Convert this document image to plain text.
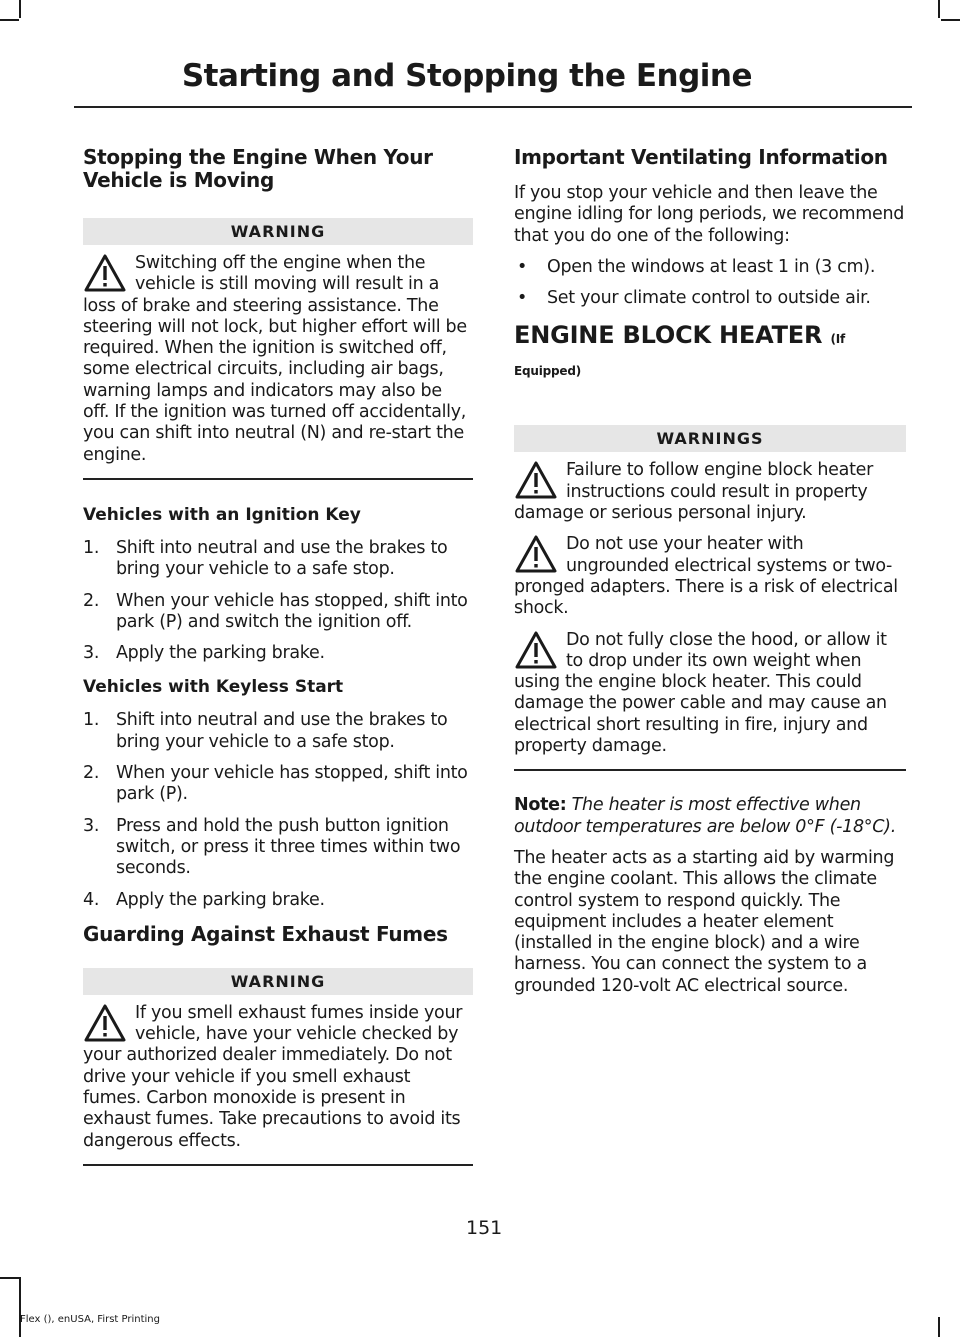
Starting and Stopping the Engine
Stopping the Engine When Your Vehicle is Moving
WARNING
Switching off the engine when the vehicle is still moving will result in a loss of brake and steering assistance. The steering will not lock, but higher effort will be required. When the ignition is switched off, some electrical circuits, including air bags, warning lamps and indicators may also be off. If the ignition was turned off accidentally, you can shift into neutral (N) and re-start the engine.
Vehicles with an Ignition Key
1. Shift into neutral and use the brakes to bring your vehicle to a safe stop.
2. When your vehicle has stopped, shift into park (P) and switch the ignition off.
3. Apply the parking brake.
Vehicles with Keyless Start
1. Shift into neutral and use the brakes to bring your vehicle to a safe stop.
2. When your vehicle has stopped, shift into park (P).
3. Press and hold the push button ignition switch, or press it three times within two seconds.
4. Apply the parking brake.
Guarding Against Exhaust Fumes
WARNING
If you smell exhaust fumes inside your vehicle, have your vehicle checked by your authorized dealer immediately. Do not drive your vehicle if you smell exhaust fumes. Carbon monoxide is present in exhaust fumes. Take precautions to avoid its dangerous effects.
Important Ventilating Information

If you stop your vehicle and then leave the engine idling for long periods, we recommend that you do one of the following:

• Open the windows at least 1 in (3 cm).
• Set your climate control to outside air.
ENGINE BLOCK HEATER (If Equipped)
WARNINGS
Failure to follow engine block heater instructions could result in property damage or serious personal injury.
Do not use your heater with ungrounded electrical systems or two-pronged adapters. There is a risk of electrical shock.
Do not fully close the hood, or allow it to drop under its own weight when using the engine block heater. This could damage the power cable and may cause an electrical short resulting in fire, injury and property damage.

Note: The heater is most effective when outdoor temperatures are below 0°F (-18°C).

The heater acts as a starting aid by warming the engine coolant. This allows the climate control system to respond quickly. The equipment includes a heater element (installed in the engine block) and a wire harness. You can connect the system to a grounded 120-volt AC electrical source.

151
Flex (), enUSA, First Printing
